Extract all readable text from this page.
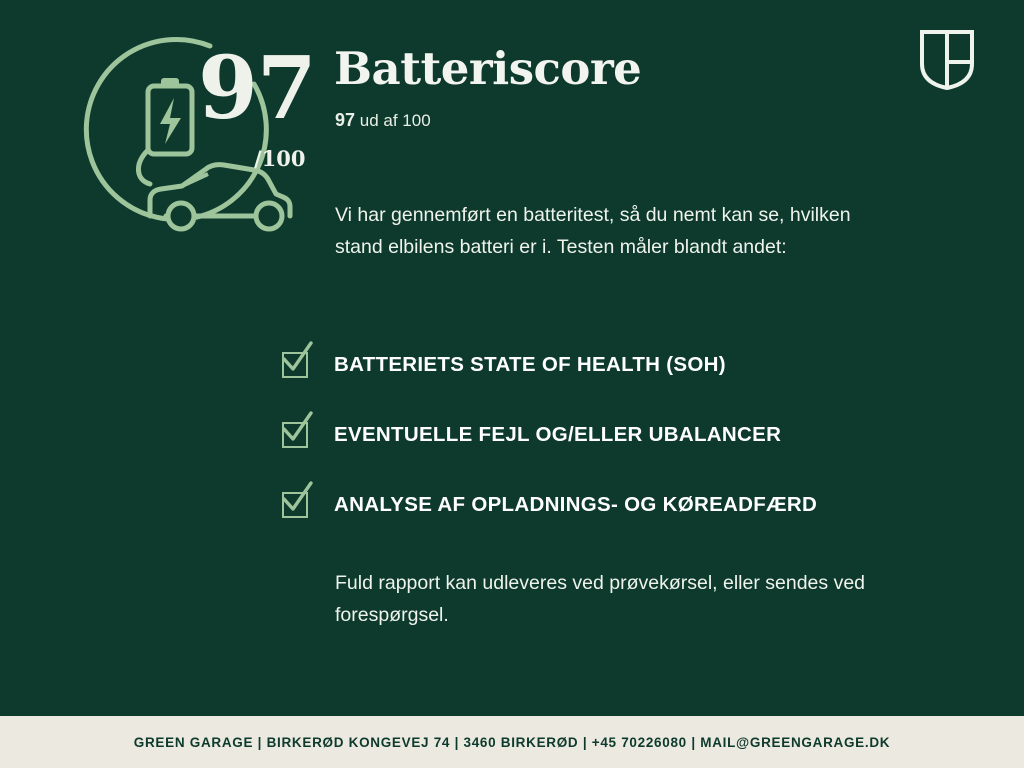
97
/100
Batteriscore
97 ud af 100
Vi har gennemført en batteritest, så du nemt kan se, hvilken stand elbilens batteri er i. Testen måler blandt andet:
BATTERIETS STATE OF HEALTH (SOH)
EVENTUELLE FEJL OG/ELLER UBALANCER
ANALYSE AF OPLADNINGS- OG KØREADFÆRD
Fuld rapport kan udleveres ved prøvekørsel, eller sendes ved forespørgsel.
GREEN GARAGE | BIRKERØD KONGEVEJ 74 | 3460 BIRKERØD | +45 70226080 | MAIL@GREENGARAGE.DK
